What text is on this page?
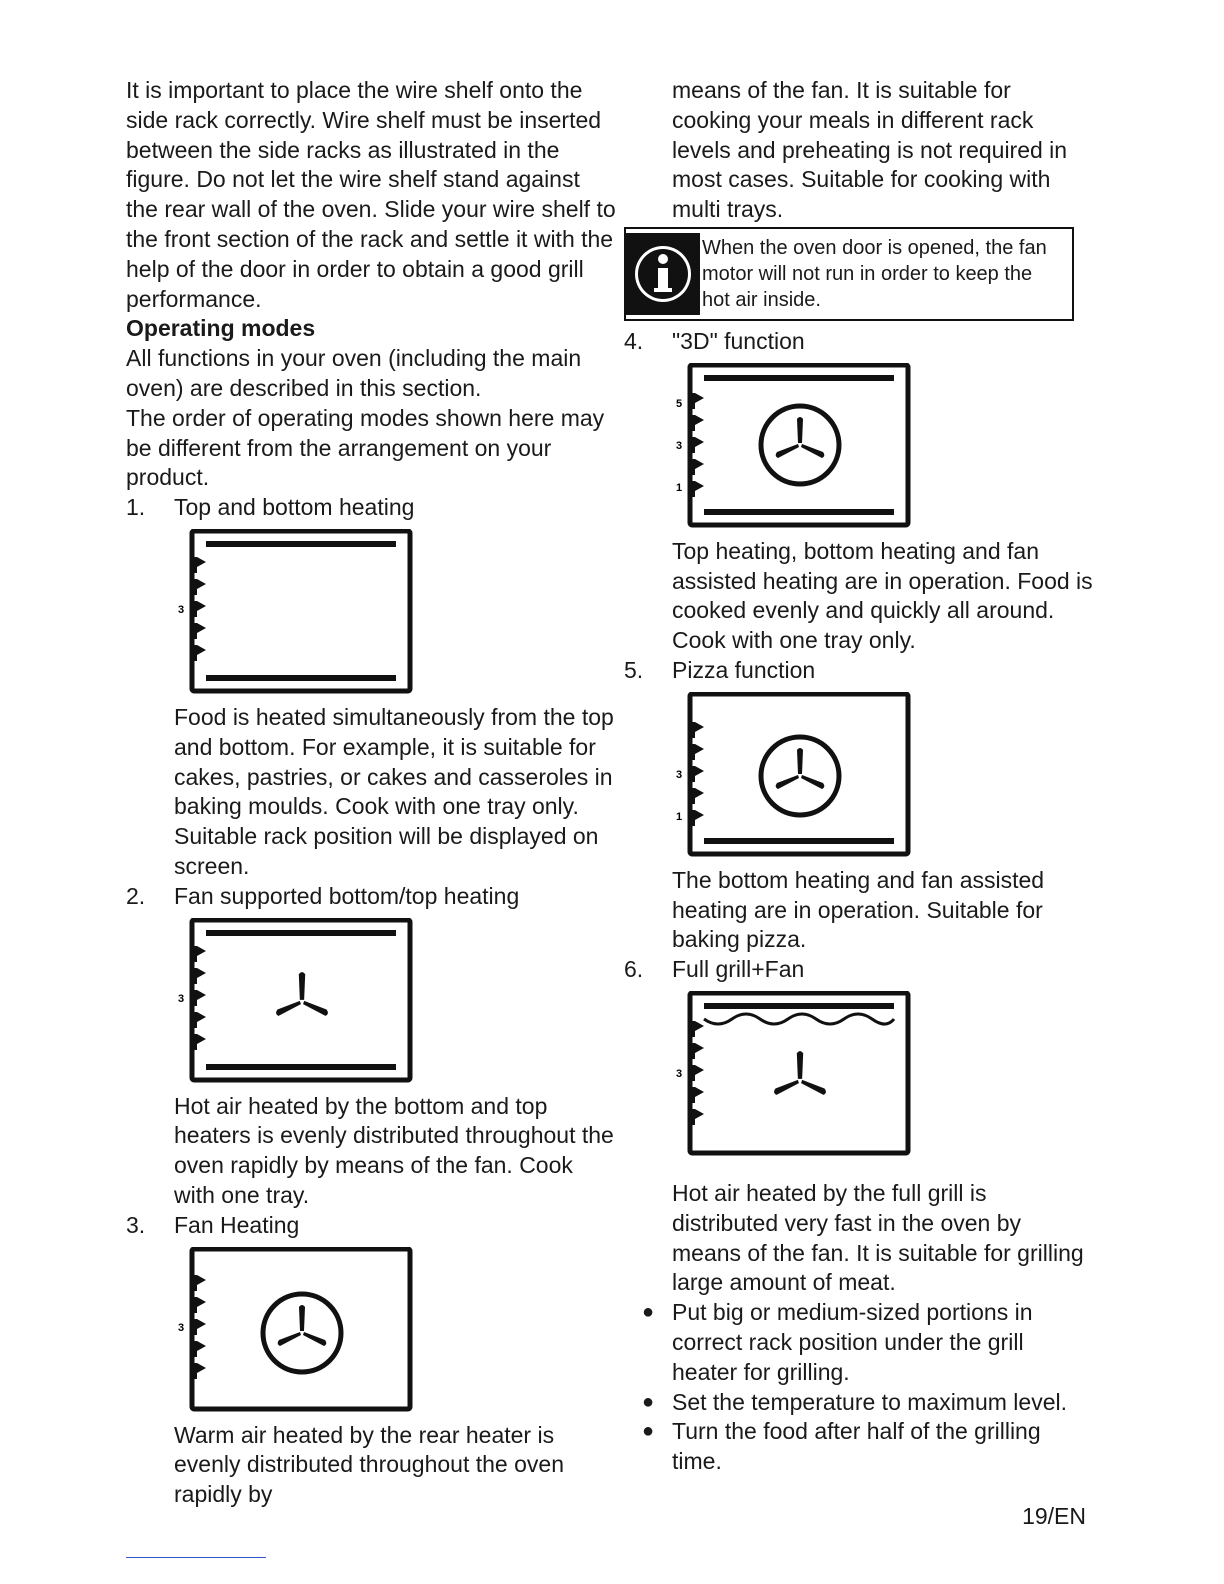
It is important to place the wire shelf onto the side rack correctly. Wire shelf must be inserted between the side racks as illustrated in the figure. Do not let the wire shelf stand against the rear wall of the oven. Slide your wire shelf to the front section of the rack and settle it with the help of the door in order to obtain a good grill performance.

Operating modes

All functions in your oven (including the main oven) are described in this section.

The order of operating modes shown here may be different from the arrangement on your product.

1.	Top and bottom heating
3

Food is heated simultaneously from the top and bottom. For example, it is suitable for cakes, pastries, or cakes and casseroles in baking moulds. Cook with one tray only. Suitable rack position will be displayed on screen.

2.	Fan supported bottom/top heating
3

Hot air heated by the bottom and top heaters is evenly distributed throughout the oven rapidly by means of the fan. Cook with one tray.

3.	Fan Heating
3

Warm air heated by the rear heater is evenly distributed throughout the oven rapidly by

means of the fan. It is suitable for cooking your meals in different rack levels and preheating is not required in most cases. Suitable for cooking with multi trays.

When the oven door is opened, the fan motor will not run in order to keep the hot air inside.
4.	"3D" function
5
3
1

Top heating, bottom heating and fan assisted heating are in operation. Food is cooked evenly and quickly all around. Cook with one tray only.

5.	Pizza function
3
1

The bottom heating and fan assisted heating are in operation. Suitable for baking pizza.

6.	Full grill+Fan
3

Hot air heated by the full grill is distributed very fast in the oven by means of the fan. It is suitable for grilling large amount of meat.

● Put big or medium-sized portions in correct rack position under the grill heater for grilling.
● Set the temperature to maximum level.
● Turn the food after half of the grilling time.
19/EN
